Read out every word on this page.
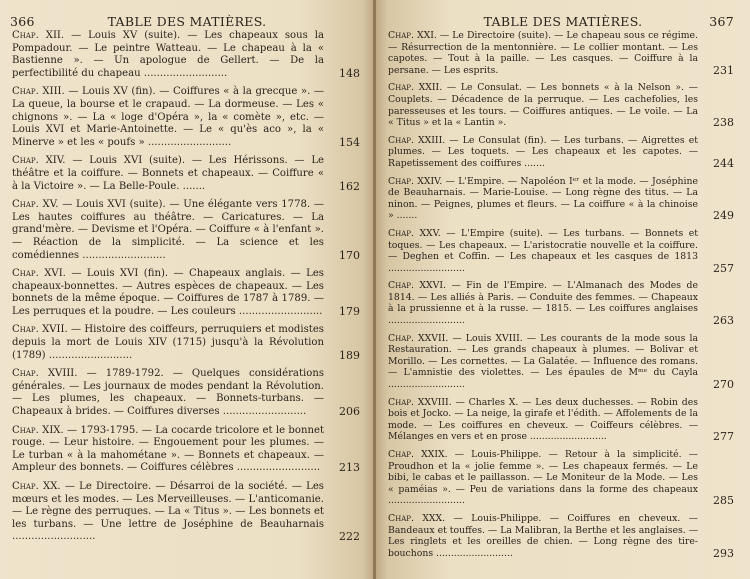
366	TABLE DES MATIÈRES.
Chap. XII. — Louis XV (suite). — Les chapeaux sous la Pompadour. — Le peintre Watteau. — Le chapeau à la « Bastienne ». — Un apologue de Gellert. — De la perfectibilité du chapeau ..........................	148
Chap. XIII. — Louis XV (fin). — Coiffures « à la grecque ». — La queue, la bourse et le crapaud. — La dormeuse. — Les « chignons ». — La « loge d'Opéra », la « comète », etc. — Louis XVI et Marie-Antoinette. — Le « qu'ès aco », la « Minerve » et les « poufs » ..........................	154
Chap. XIV. — Louis XVI (suite). — Les Hérissons. — Le théâtre et la coiffure. — Bonnets et chapeaux. — Coiffure « à la Victoire ». — La Belle-Poule. .......	162
Chap. XV. — Louis XVI (suite). — Une élégante vers 1778. — Les hautes coiffures au théâtre. — Caricatures. — La grand'mère. — Devisme et l'Opéra. — Coiffure « à l'enfant ». — Réaction de la simplicité. — La science et les comédiennes ..........................	170
Chap. XVI. — Louis XVI (fin). — Chapeaux anglais. — Les chapeaux-bonnettes. — Autres espèces de chapeaux. — Les bonnets de la même époque. — Coiffures de 1787 à 1789. — Les perruques et la poudre. — Les couleurs ..........................	179
Chap. XVII. — Histoire des coiffeurs, perruquiers et modistes depuis la mort de Louis XIV (1715) jusqu'à la Révolution (1789) ..........................	189
Chap. XVIII. — 1789-1792. — Quelques considérations générales. — Les journaux de modes pendant la Révolution. — Les plumes, les chapeaux. — Bonnets-turbans. — Chapeaux à brides. — Coiffures diverses ..........................	206
Chap. XIX. — 1793-1795. — La cocarde tricolore et le bonnet rouge. — Leur histoire. — Engouement pour les plumes. — Le turban « à la mahométane ». — Bonnets et chapeaux. — Ampleur des bonnets. — Coiffures célèbres ..........................	213
Chap. XX. — Le Directoire. — Désarroi de la société. — Les mœurs et les modes. — Les Merveilleuses. — L'anticomanie. — Le règne des perruques. — La « Titus ». — Les bonnets et les turbans. — Une lettre de Joséphine de Beauharnais ..........................	222
TABLE DES MATIÈRES.	367
Chap. XXI. — Le Directoire (suite). — Le chapeau sous ce régime. — Résurrection de la mentonnière. — Le collier montant. — Les capotes. — Tout à la paille. — Les casques. — Coiffure à la persane. — Les esprits.	231
Chap. XXII. — Le Consulat. — Les bonnets « à la Nelson ». — Couplets. — Décadence de la perruque. — Les cachefolies, les paresseuses et les tours. — Coiffures antiques. — Le voile. — La « Titus » et la « Lantin ».	238
Chap. XXIII. — Le Consulat (fin). — Les turbans. — Aigrettes et plumes. — Les toquets. — Les chapeaux et les capotes. — Rapetissement des coiffures .......	244
Chap. XXIV. — L'Empire. — Napoléon Iᵉʳ et la mode. — Joséphine de Beauharnais. — Marie-Louise. — Long règne des titus. — La ninon. — Peignes, plumes et fleurs. — La coiffure « à la chinoise » .......	249
Chap. XXV. — L'Empire (suite). — Les turbans. — Bonnets et toques. — Les chapeaux. — L'aristocratie nouvelle et la coiffure. — Deghen et Coffin. — Les chapeaux et les casques de 1813 ..........................	257
Chap. XXVI. — Fin de l'Empire. — L'Almanach des Modes de 1814. — Les alliés à Paris. — Conduite des femmes. — Chapeaux à la prussienne et à la russe. — 1815. — Les coiffures anglaises ..........................	263
Chap. XXVII. — Louis XVIII. — Les courants de la mode sous la Restauration. — Les grands chapeaux à plumes. — Bolivar et Morillo. — Les cornettes. — La Galatée. — Influence des romans. — L'amnistie des violettes. — Les épaules de Mᵐᵉ du Cayla ..........................	270
Chap. XXVIII. — Charles X. — Les deux duchesses. — Robin des bois et Jocko. — La neige, la girafe et l'édith. — Affolements de la mode. — Les coiffures en cheveux. — Coiffeurs célèbres. — Mélanges en vers et en prose ..........................	277
Chap. XXIX. — Louis-Philippe. — Retour à la simplicité. — Proudhon et la « jolie femme ». — Les chapeaux fermés. — Le bibi, le cabas et le paillasson. — Le Moniteur de la Mode. — Les « paméias ». — Peu de variations dans la forme des chapeaux ..........................	285
Chap. XXX. — Louis-Philippe. — Coiffures en cheveux. — Bandeaux et touffes. — La Malibran, la Berthe et les anglaises. — Les ringlets et les oreilles de chien. — Long règne des tire-bouchons ..........................	293
